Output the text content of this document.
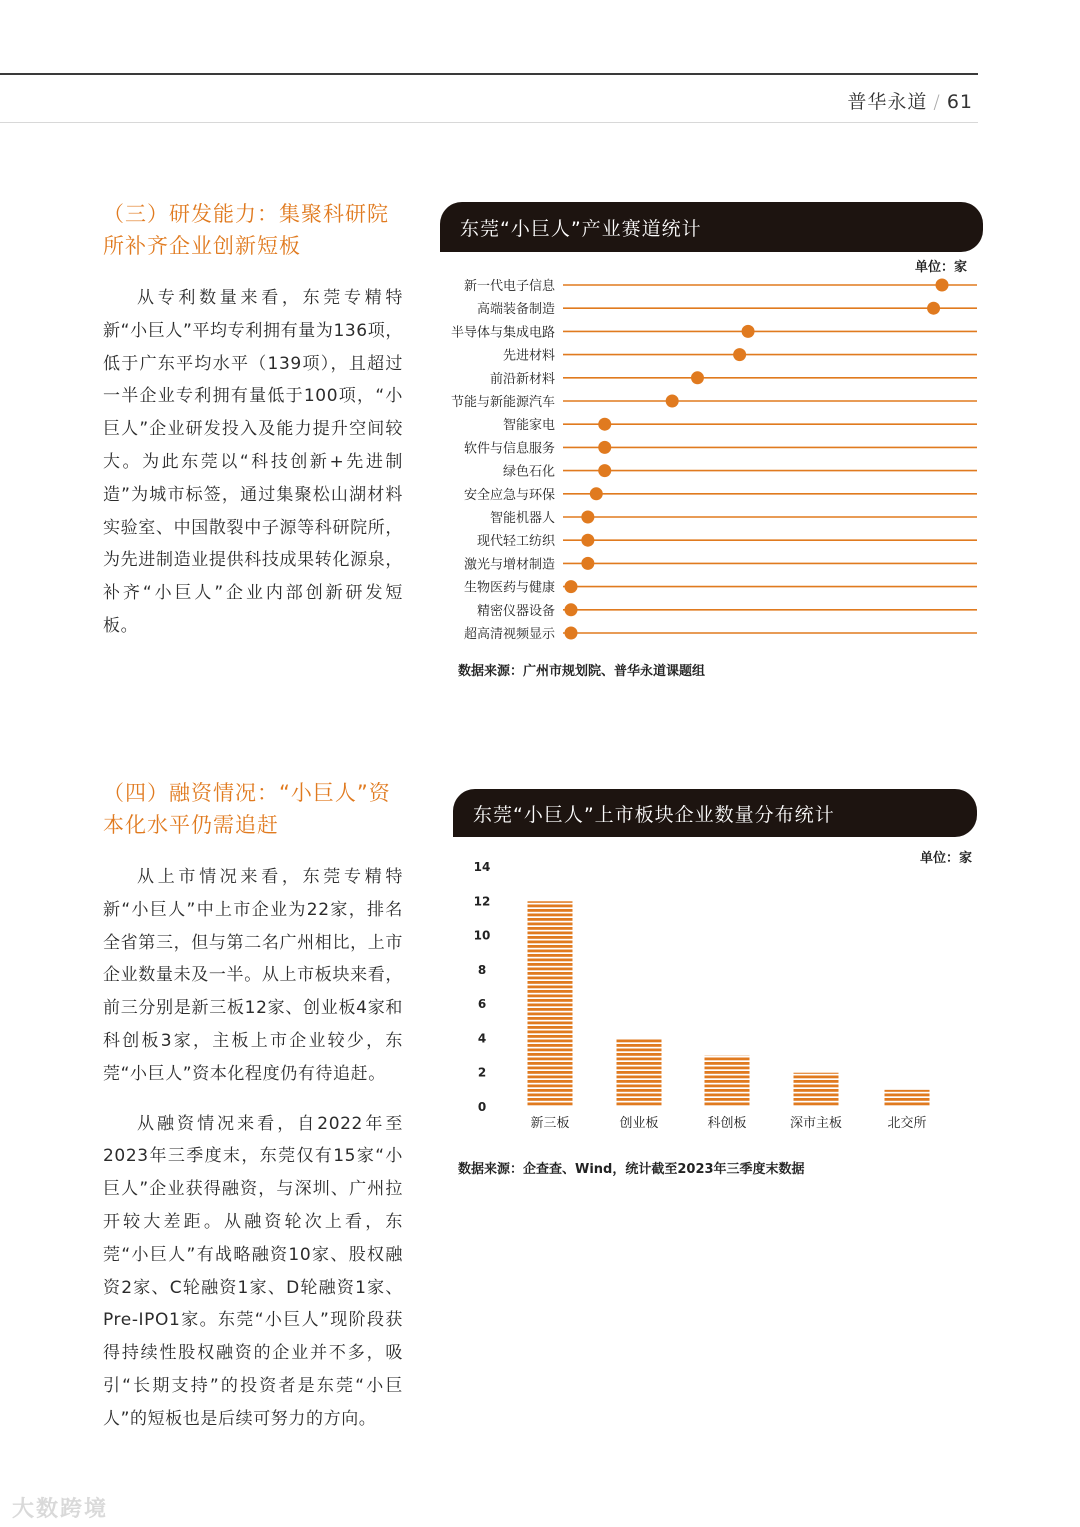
普华永道 / 61
（三）研发能力：集聚科研院所补齐企业创新短板

从专利数量来看，东莞专精特新“小巨人”平均专利拥有量为136项，低于广东平均水平（139项），且超过一半企业专利拥有量低于100项，“小巨人”企业研发投入及能力提升空间较大。为此东莞以“科技创新+先进制造”为城市标签，通过集聚松山湖材料实验室、中国散裂中子源等科研院所，为先进制造业提供科技成果转化源泉，补齐“小巨人”企业内部创新研发短板。

东莞“小巨人”产业赛道统计
单位：家
新一代电子信息
高端装备制造
半导体与集成电路
先进材料
前沿新材料
节能与新能源汽车
智能家电
软件与信息服务
绿色石化
安全应急与环保
智能机器人
现代轻工纺织
激光与增材制造
生物医药与健康
精密仪器设备
超高清视频显示
数据来源：广州市规划院、普华永道课题组
（四）融资情况：“小巨人”资本化水平仍需追赶

从上市情况来看，东莞专精特新“小巨人”中上市企业为22家，排名全省第三，但与第二名广州相比，上市企业数量未及一半。从上市板块来看，前三分别是新三板12家、创业板4家和科创板3家，主板上市企业较少，东莞“小巨人”资本化程度仍有待追赶。

从融资情况来看，自2022年至2023年三季度末，东莞仅有15家“小巨人”企业获得融资，与深圳、广州拉开较大差距。从融资轮次上看，东莞“小巨人”有战略融资10家、股权融资2家、C轮融资1家、D轮融资1家、Pre-IPO1家。东莞“小巨人”现阶段获得持续性股权融资的企业并不多，吸引“长期支持”的投资者是东莞“小巨人”的短板也是后续可努力的方向。

东莞“小巨人”上市板块企业数量分布统计
单位：家
0
2
4
6
8
10
12
14
新三板	创业板	科创板	深市主板	北交所
数据来源：企查查、Wind，统计截至2023年三季度末数据
大数跨境
